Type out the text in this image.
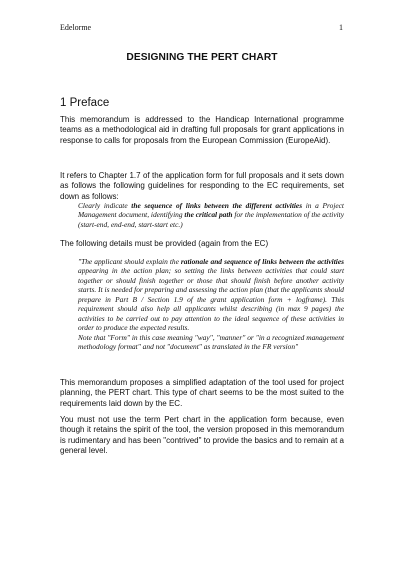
Edelorme	1
DESIGNING THE PERT CHART
1 Preface
This memorandum is addressed to the Handicap International programme teams as a methodological aid in drafting full proposals for grant applications in response to calls for proposals from the European Commission (EuropeAid).
It refers to Chapter 1.7 of the application form for full proposals and it sets down as follows the following guidelines for responding to the EC requirements, set down as follows:
Clearly indicate the sequence of links between the different activities in a Project Management document, identifying the critical path for the implementation of the activity (start-end, end-end, start-start etc.)
The following details must be provided (again from the EC)
"The applicant should explain the rationale and sequence of links between the activities appearing in the action plan; so setting the links between activities that could start together or should finish together or those that should finish before another activity starts. It is needed for preparing and assessing the action plan (that the applicants should prepare in Part B / Section 1.9 of the grant application form + logframe). This requirement should also help all applicants whilst describing (in max 9 pages) the activities to be carried out to pay attention to the ideal sequence of these activities in order to produce the expected results.
Note that "Form" in this case meaning "way", "manner" or "in a recognized management methodology format" and not "document" as translated in the FR version"
This memorandum proposes a simplified adaptation of the tool used for project planning, the PERT chart. This type of chart seems to be the most suited to the requirements laid down by the EC.
You must not use the term Pert chart in the application form because, even though it retains the spirit of the tool, the version proposed in this memorandum is rudimentary and has been "contrived" to provide the basics and to remain at a general level.
